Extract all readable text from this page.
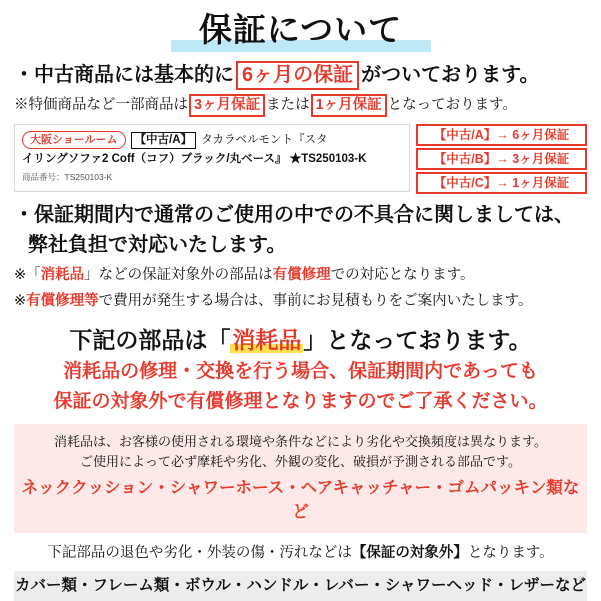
保証について
・中古商品には基本的に 6ヶ月の保証 がついております。
※特価商品など一部商品は 3ヶ月保証 または 1ヶ月保証 となっております。
大阪ショールーム	【中古/A】 タカラベルモント『スタ
イリングソファ2 Coff（コフ）ブラック/丸ベース』 ★TS250103-K
商品番号：TS250103-K
【中古/A】→ 6ヶ月保証
【中古/B】→ 3ヶ月保証
【中古/C】→ 1ヶ月保証
・保証期間内で通常のご使用の中での不具合に関しましては、
弊社負担で対応いたします。
※「 消耗品 」などの保証対象外の部品は 有償修理 での対応となります。
※ 有償修理等 で費用が発生する場合は、事前にお見積もりをご案内いたします。
下記の部品は「消耗品」となっております。
消耗品の修理・交換を行う場合、保証期間内であっても
保証の対象外で有償修理となりますのでご了承ください。
消耗品は、お客様の使用される環境や条件などにより劣化や交換頻度は異なります。
ご使用によって必ず摩耗や劣化、外観の変化、破損が予測される部品です。
ネッククッション・シャワーホース・ヘアキャッチャー・ゴムパッキン類など
下記部品の退色や劣化・外装の傷・汚れなどは【保証の対象外】となります。
カバー類・フレーム類・ボウル・ハンドル・レバー・シャワーヘッド・レザーなど
